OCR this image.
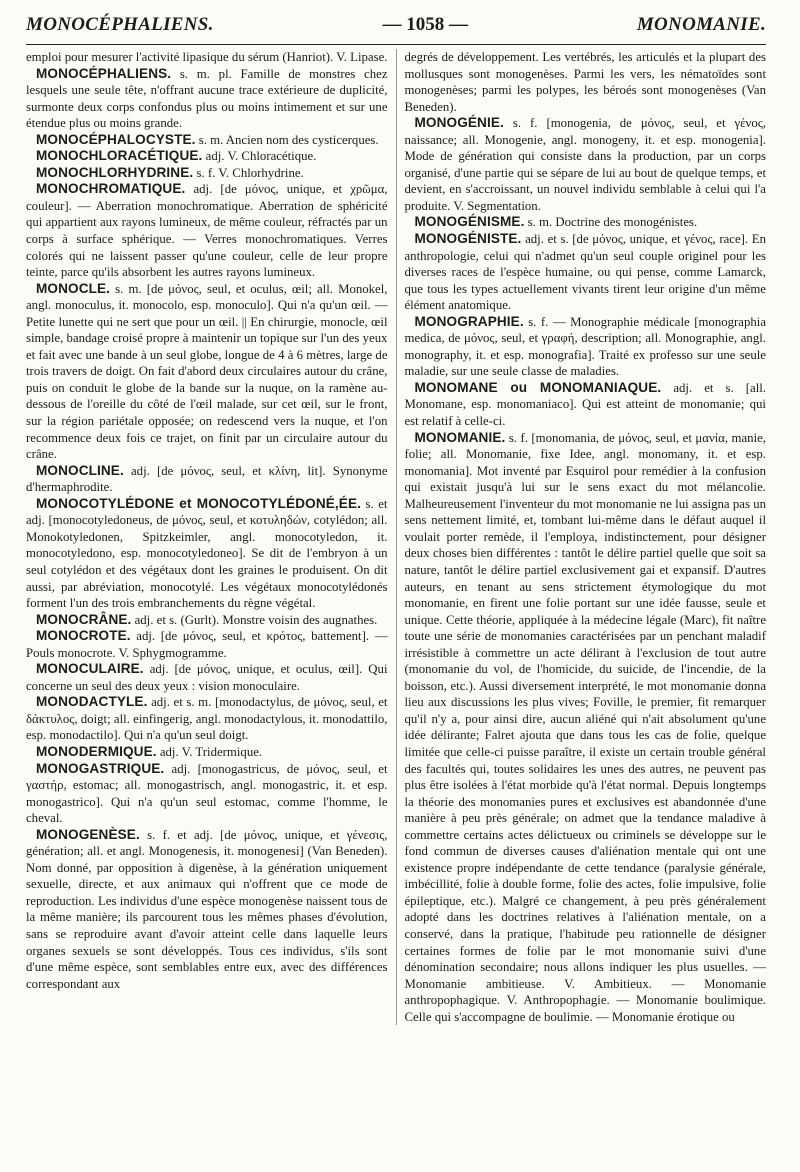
MONOCÉPHALIENS.	— 1058 —	MONOMANIE.

emploi pour mesurer l'activité lipasique du sérum (Hanriot). V. Lipase.

MONOCÉPHALIENS. s. m. pl. Famille de monstres chez lesquels une seule tête, n'offrant aucune trace extérieure de duplicité, surmonte deux corps confondus plus ou moins intimement et sur une étendue plus ou moins grande.

MONOCÉPHALOCYSTE. s. m. Ancien nom des cysticerques.

MONOCHLORACÉTIQUE. adj. V. Chloracétique.

MONOCHLORHYDRINE. s. f. V. Chlorhydrine.

MONOCHROMATIQUE. adj. [de μόνος, unique, et χρῶμα, couleur]. — Aberration monochromatique. Aberration de sphéricité qui appartient aux rayons lumineux, de même couleur, réfractés par un corps à surface sphérique. — Verres monochromatiques. Verres colorés qui ne laissent passer qu'une couleur, celle de leur propre teinte, parce qu'ils absorbent les autres rayons lumineux.

MONOCLE. s. m. [de μόνος, seul, et oculus, œil; all. Monokel, angl. monoculus, it. monocolo, esp. monoculo]. Qui n'a qu'un œil. — Petite lunette qui ne sert que pour un œil. || En chirurgie, monocle, œil simple, bandage croisé propre à maintenir un topique sur l'un des yeux et fait avec une bande à un seul globe, longue de 4 à 6 mètres, large de trois travers de doigt. On fait d'abord deux circulaires autour du crâne, puis on conduit le globe de la bande sur la nuque, on la ramène au-dessous de l'oreille du côté de l'œil malade, sur cet œil, sur le front, sur la région pariétale opposée; on redescend vers la nuque, et l'on recommence deux fois ce trajet, on finit par un circulaire autour du crâne.

MONOCLINE. adj. [de μόνος, seul, et κλίνη, lit]. Synonyme d'hermaphrodite.

MONOCOTYLÉDONE et MONOCOTYLÉDONÉ,ÉE. s. et adj. [monocotyledoneus, de μόνος, seul, et κοτυληδών, cotylédon; all. Monokotyledonen, Spitzkeimler, angl. monocotyledon, it. monocotyledono, esp. monocotyledoneo]. Se dit de l'embryon à un seul cotylédon et des végétaux dont les graines le produisent. On dit aussi, par abréviation, monocotylé. Les végétaux monocotylédonés forment l'un des trois embranchements du règne végétal.

MONOCRÂNE. adj. et s. (Gurlt). Monstre voisin des augnathes.

MONOCROTE. adj. [de μόνος, seul, et κρότος, battement]. — Pouls monocrote. V. Sphygmogramme.

MONOCULAIRE. adj. [de μόνος, unique, et oculus, œil]. Qui concerne un seul des deux yeux : vision monoculaire.

MONODACTYLE. adj. et s. m. [monodactylus, de μόνος, seul, et δάκτυλος, doigt; all. einfingerig, angl. monodactylous, it. monodattilo, esp. monodactilo]. Qui n'a qu'un seul doigt.

MONODERMIQUE. adj. V. Tridermique.

MONOGASTRIQUE. adj. [monogastricus, de μόνος, seul, et γαστήρ, estomac; all. monogastrisch, angl. monogastric, it. et esp. monogastrico]. Qui n'a qu'un seul estomac, comme l'homme, le cheval.

MONOGENÈSE. s. f. et adj. [de μόνος, unique, et γένεσις, génération; all. et angl. Monogenesis, it. monogenesi] (Van Beneden). Nom donné, par opposition à digenèse, à la génération uniquement sexuelle, directe, et aux animaux qui n'offrent que ce mode de reproduction. Les individus d'une espèce monogenèse naissent tous de la même manière; ils parcourent tous les mêmes phases d'évolution, sans se reproduire avant d'avoir atteint celle dans laquelle leurs organes sexuels se sont développés. Tous ces individus, s'ils sont d'une même espèce, sont semblables entre eux, avec des différences correspondant aux

degrés de développement. Les vertébrés, les articulés et la plupart des mollusques sont monogenèses. Parmi les vers, les nématoïdes sont monogenèses; parmi les polypes, les béroés sont monogenèses (Van Beneden).

MONOGÉNIE. s. f. [monogenia, de μόνος, seul, et γένος, naissance; all. Monogenie, angl. monogeny, it. et esp. monogenia]. Mode de génération qui consiste dans la production, par un corps organisé, d'une partie qui se sépare de lui au bout de quelque temps, et devient, en s'accroissant, un nouvel individu semblable à celui qui l'a produite. V. Segmentation.

MONOGÉNISME. s. m. Doctrine des monogénistes.

MONOGÉNISTE. adj. et s. [de μόνος, unique, et γένος, race]. En anthropologie, celui qui n'admet qu'un seul couple originel pour les diverses races de l'espèce humaine, ou qui pense, comme Lamarck, que tous les types actuellement vivants tirent leur origine d'un même élément anatomique.

MONOGRAPHIE. s. f. — Monographie médicale [monographia medica, de μόνος, seul, et γραφή, description; all. Monographie, angl. monography, it. et esp. monografia]. Traité ex professo sur une seule maladie, sur une seule classe de maladies.

MONOMANE ou MONOMANIAQUE. adj. et s. [all. Monomane, esp. monomaniaco]. Qui est atteint de monomanie; qui est relatif à celle-ci.

MONOMANIE. s. f. [monomania, de μόνος, seul, et μανία, manie, folie; all. Monomanie, fixe Idee, angl. monomany, it. et esp. monomania]. Mot inventé par Esquirol pour remédier à la confusion qui existait jusqu'à lui sur le sens exact du mot mélancolie. Malheureusement l'inventeur du mot monomanie ne lui assigna pas un sens nettement limité, et, tombant lui-même dans le défaut auquel il voulait porter remède, il l'employa, indistinctement, pour désigner deux choses bien différentes : tantôt le délire partiel quelle que soit sa nature, tantôt le délire partiel exclusivement gai et expansif. D'autres auteurs, en tenant au sens strictement étymologique du mot monomanie, en firent une folie portant sur une idée fausse, seule et unique. Cette théorie, appliquée à la médecine légale (Marc), fit naître toute une série de monomanies caractérisées par un penchant maladif irrésistible à commettre un acte délirant à l'exclusion de tout autre (monomanie du vol, de l'homicide, du suicide, de l'incendie, de la boisson, etc.). Aussi diversement interprété, le mot monomanie donna lieu aux discussions les plus vives; Foville, le premier, fit remarquer qu'il n'y a, pour ainsi dire, aucun aliéné qui n'ait absolument qu'une idée délirante; Falret ajouta que dans tous les cas de folie, quelque limitée que celle-ci puisse paraître, il existe un certain trouble général des facultés qui, toutes solidaires les unes des autres, ne peuvent pas plus être isolées à l'état morbide qu'à l'état normal. Depuis longtemps la théorie des monomanies pures et exclusives est abandonnée d'une manière à peu près générale; on admet que la tendance maladive à commettre certains actes délictueux ou criminels se développe sur le fond commun de diverses causes d'aliénation mentale qui ont une existence propre indépendante de cette tendance (paralysie générale, imbécillité, folie à double forme, folie des actes, folie impulsive, folie épileptique, etc.). Malgré ce changement, à peu près généralement adopté dans les doctrines relatives à l'aliénation mentale, on a conservé, dans la pratique, l'habitude peu rationnelle de désigner certaines formes de folie par le mot monomanie suivi d'une dénomination secondaire; nous allons indiquer les plus usuelles. — Monomanie ambitieuse. V. Ambitieux. — Monomanie anthropophagique. V. Anthropophagie. — Monomanie boulimique. Celle qui s'accompagne de boulimie. — Monomanie érotique ou
